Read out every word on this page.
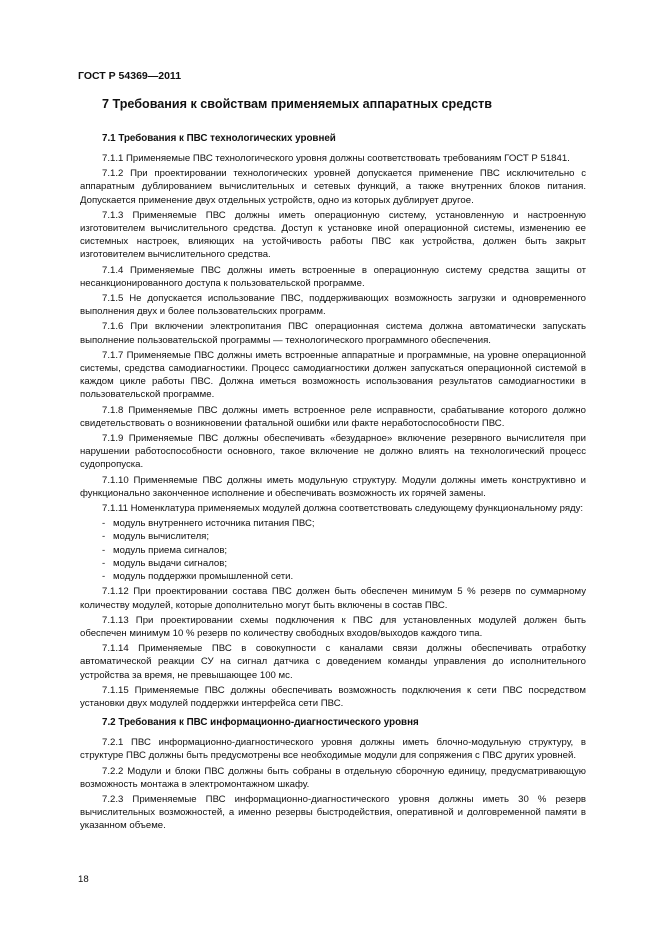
ГОСТ Р 54369—2011
7 Требования к свойствам применяемых аппаратных средств
7.1 Требования к ПВС технологических уровней

7.1.1 Применяемые ПВС технологического уровня должны соответствовать требованиям ГОСТ Р 51841.

7.1.2 При проектировании технологических уровней допускается применение ПВС исключительно с аппаратным дублированием вычислительных и сетевых функций, а также внутренних блоков питания. Допускается применение двух отдельных устройств, одно из которых дублирует другое.

7.1.3 Применяемые ПВС должны иметь операционную систему, установленную и настроенную изготовителем вычислительного средства. Доступ к установке иной операционной системы, изменению ее системных настроек, влияющих на устойчивость работы ПВС как устройства, должен быть закрыт изготовителем вычислительного средства.

7.1.4 Применяемые ПВС должны иметь встроенные в операционную систему средства защиты от несанкционированного доступа к пользовательской программе.

7.1.5 Не допускается использование ПВС, поддерживающих возможность загрузки и одновременного выполнения двух и более пользовательских программ.

7.1.6 При включении электропитания ПВС операционная система должна автоматически запускать выполнение пользовательской программы — технологического программного обеспечения.

7.1.7 Применяемые ПВС должны иметь встроенные аппаратные и программные, на уровне операционной системы, средства самодиагностики. Процесс самодиагностики должен запускаться операционной системой в каждом цикле работы ПВС. Должна иметься возможность использования результатов самодиагностики в пользовательской программе.

7.1.8 Применяемые ПВС должны иметь встроенное реле исправности, срабатывание которого должно свидетельствовать о возникновении фатальной ошибки или факте неработоспособности ПВС.

7.1.9 Применяемые ПВС должны обеспечивать «безударное» включение резервного вычислителя при нарушении работоспособности основного, такое включение не должно влиять на технологический процесс судопропуска.

7.1.10 Применяемые ПВС должны иметь модульную структуру. Модули должны иметь конструктивно и функционально законченное исполнение и обеспечивать возможность их горячей замены.

7.1.11 Номенклатура применяемых модулей должна соответствовать следующему функциональному ряду:

- модуль внутреннего источника питания ПВС;
- модуль вычислителя;
- модуль приема сигналов;
- модуль выдачи сигналов;
- модуль поддержки промышленной сети.

7.1.12 При проектировании состава ПВС должен быть обеспечен минимум 5 % резерв по суммарному количеству модулей, которые дополнительно могут быть включены в состав ПВС.

7.1.13 При проектировании схемы подключения к ПВС для установленных модулей должен быть обеспечен минимум 10 % резерв по количеству свободных входов/выходов каждого типа.

7.1.14 Применяемые ПВС в совокупности с каналами связи должны обеспечивать отработку автоматической реакции СУ на сигнал датчика с доведением команды управления до исполнительного устройства за время, не превышающее 100 мс.

7.1.15 Применяемые ПВС должны обеспечивать возможность подключения к сети ПВС посредством установки двух модулей поддержки интерфейса сети ПВС.

7.2 Требования к ПВС информационно-диагностического уровня

7.2.1 ПВС информационно-диагностического уровня должны иметь блочно-модульную структуру, в структуре ПВС должны быть предусмотрены все необходимые модули для сопряжения с ПВС других уровней.

7.2.2 Модули и блоки ПВС должны быть собраны в отдельную сборочную единицу, предусматривающую возможность монтажа в электромонтажном шкафу.

7.2.3 Применяемые ПВС информационно-диагностического уровня должны иметь 30 % резерв вычислительных возможностей, а именно резервы быстродействия, оперативной и долговременной памяти в указанном объеме.

18
